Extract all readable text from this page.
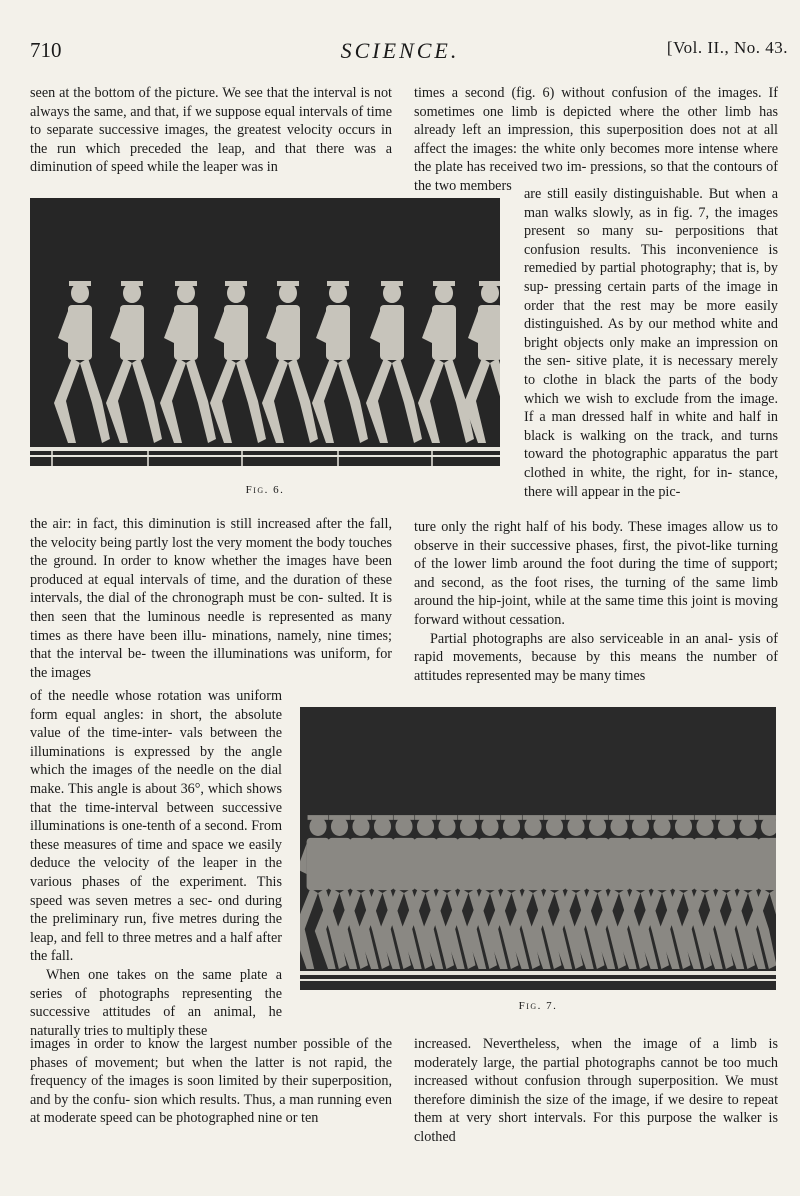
710	SCIENCE.	[Vol. II., No. 43.

seen at the bottom of the picture. We see that the interval is not always the same, and that, if we suppose equal intervals of time to separate successive images, the greatest velocity occurs in the run which preceded the leap, and that there was a diminution of speed while the leaper was in

times a second (fig. 6) without confusion of the images. If sometimes one limb is depicted where the other limb has already left an impression, this superposition does not at all affect the images: the white only becomes more intense where the plate has received two im- pressions, so that the contours of the two members

are still easily distinguishable. But when a man walks slowly, as in fig. 7, the images present so many su- perpositions that confusion results. This inconvenience is remedied by partial photography; that is, by sup- pressing certain parts of the image in order that the rest may be more easily distinguished. As by our method white and bright objects only make an impression on the sen- sitive plate, it is necessary merely to clothe in black the parts of the body which we wish to exclude from the image. If a man dressed half in white and half in black is walking on the track, and turns toward the photographic apparatus the part clothed in white, the right, for in- stance, there will appear in the pic-

the air: in fact, this diminution is still increased after the fall, the velocity being partly lost the very moment the body touches the ground. In order to know whether the images have been produced at equal intervals of time, and the duration of these intervals, the dial of the chronograph must be con- sulted. It is then seen that the luminous needle is represented as many times as there have been illu- minations, namely, nine times; that the interval be- tween the illuminations was uniform, for the images

ture only the right half of his body. These images allow us to observe in their successive phases, first, the pivot-like turning of the lower limb around the foot during the time of support; and second, as the foot rises, the turning of the same limb around the hip-joint, while at the same time this joint is moving forward without cessation.

Partial photographs are also serviceable in an anal- ysis of rapid movements, because by this means the number of attitudes represented may be many times

of the needle whose rotation was uniform form equal angles: in short, the absolute value of the time-inter- vals between the illuminations is expressed by the angle which the images of the needle on the dial make. This angle is about 36°, which shows that the time-interval between successive illuminations is one-tenth of a second. From these measures of time and space we easily deduce the velocity of the leaper in the various phases of the experiment. This speed was seven metres a sec- ond during the preliminary run, five metres during the leap, and fell to three metres and a half after the fall.

When one takes on the same plate a series of photographs representing the successive attitudes of an animal, he naturally tries to multiply these

images in order to know the largest number possible of the phases of movement; but when the latter is not rapid, the frequency of the images is soon limited by their superposition, and by the confu- sion which results. Thus, a man running even at moderate speed can be photographed nine or ten

increased. Nevertheless, when the image of a limb is moderately large, the partial photographs cannot be too much increased without confusion through superposition. We must therefore diminish the size of the image, if we desire to repeat them at very short intervals. For this purpose the walker is clothed

Fig. 6.
Fig. 7.
